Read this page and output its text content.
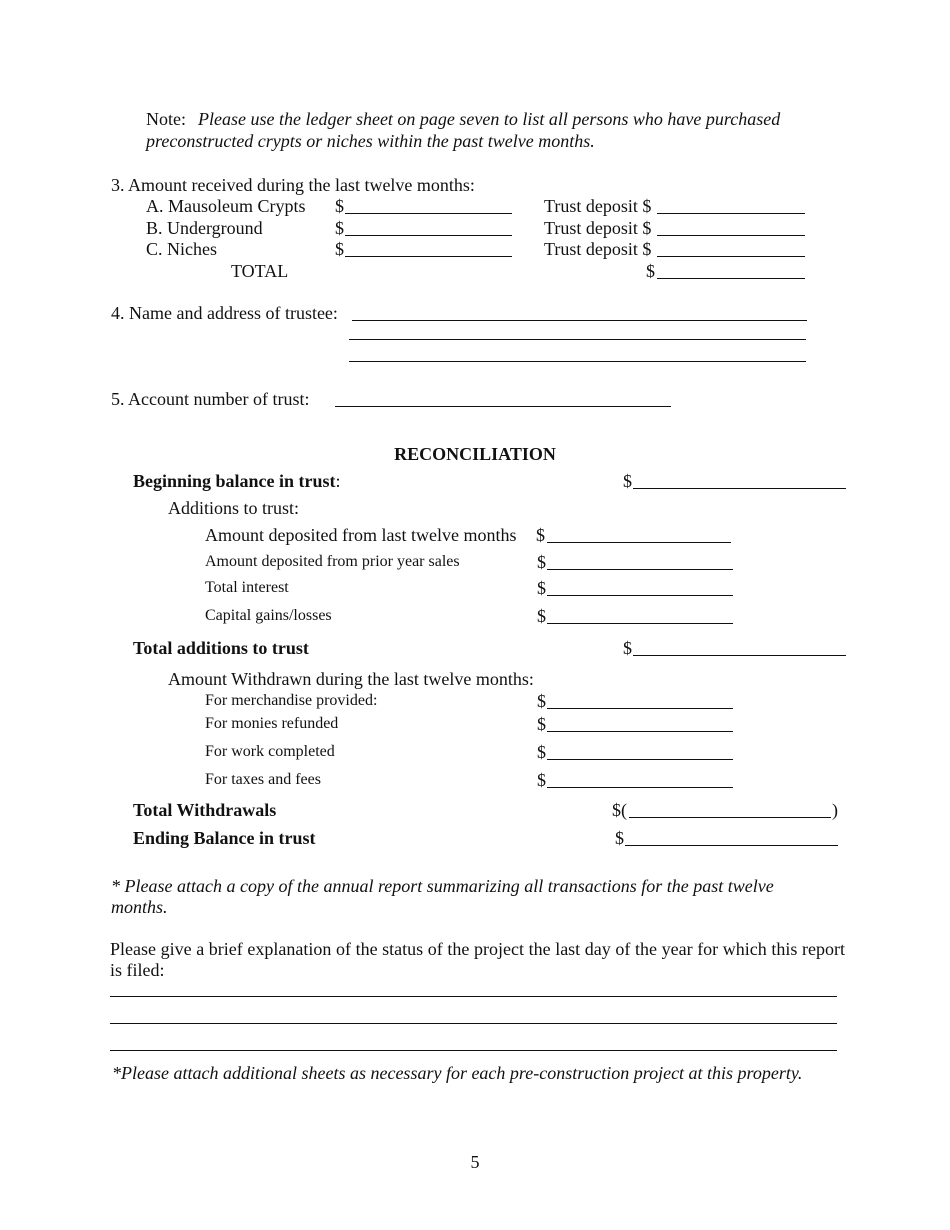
Note: Please use the ledger sheet on page seven to list all persons who have purchased
preconstructed crypts or niches within the past twelve months.
3. Amount received during the last twelve months:
A. Mausoleum Crypts $	Trust deposit $
B. Underground	$	Trust deposit $
C. Niches	$	Trust deposit $
TOTAL	$
4. Name and address of trustee:
5. Account number of trust:
RECONCILIATION
Beginning balance in trust:	$
Additions to trust:
Amount deposited from last twelve months $
Amount deposited from prior year sales	$
Total interest	$
Capital gains/losses	$
Total additions to trust	$
Amount Withdrawn during the last twelve months:
For merchandise provided:	$
For monies refunded	$
For work completed	$
For taxes and fees	$
Total Withdrawals	$(	)
Ending Balance in trust	$
* Please attach a copy of the annual report summarizing all transactions for the past twelve months.
Please give a brief explanation of the status of the project the last day of the year for which this report is filed:
*Please attach additional sheets as necessary for each pre-construction project at this property.
5
